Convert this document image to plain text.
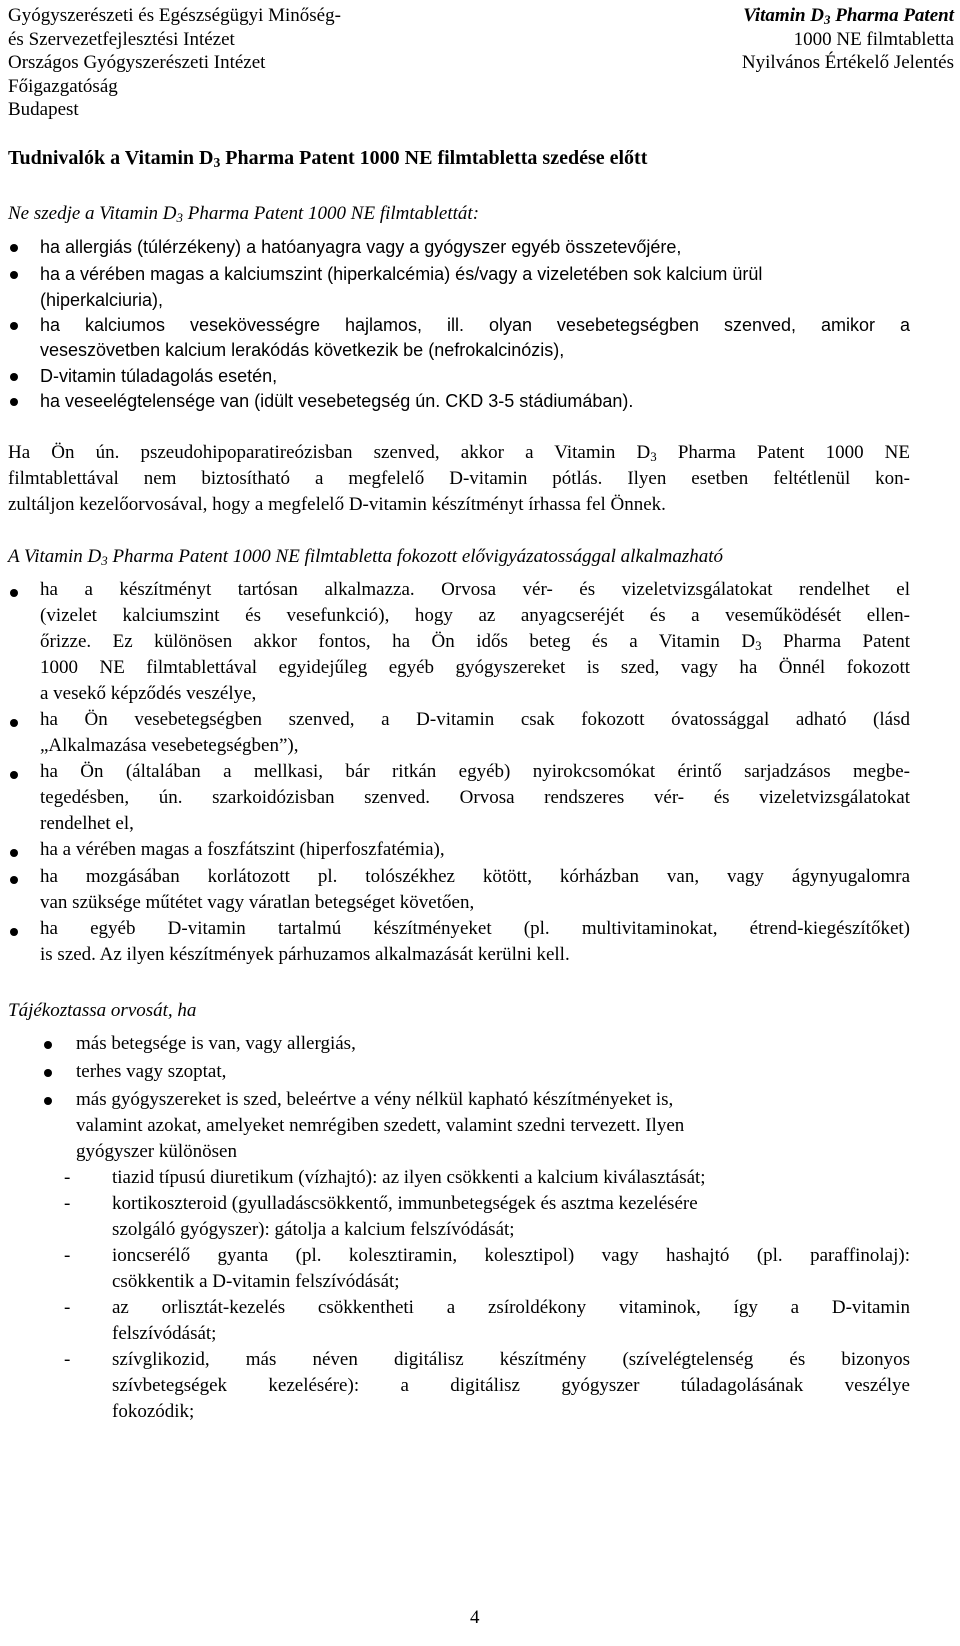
Gyógyszerészeti és Egészségügyi Minőség-
és Szervezetfejlesztési Intézet
Országos Gyógyszerészeti Intézet
Főigazgatóság
Budapest
Vitamin $D_3$ Pharma Patent
1000 NE filmtabletta
Nyilvános Értékelő Jelentés
Tudnivalók a Vitamin $D_3$ Pharma Patent 1000 NE filmtabletta szedése előtt
Ne szedje a Vitamin $D_3$ Pharma Patent 1000 NE filmtablettát:
ha allergiás (túlérzékeny) a hatóanyagra vagy a gyógyszer egyéb összetevőjére,
ha a vérében magas a kalciumszint (hiperkalcémia) és/vagy a vizeletében sok kalcium ürül
(hiperkalciuria),
ha kalciumos vesekövességre hajlamos, ill. olyan vesebetegségben szenved, amikor a
veseszövetben kalcium lerakódás következik be (nefrokalcinózis),
D-vitamin túladagolás esetén,
ha veseelégtelensége van (idült vesebetegség ún. CKD 3-5 stádiumában).
Ha Ön ún. pszeudohipoparatireózisban szenved, akkor a Vitamin $D_3$ Pharma Patent 1000 NE
filmtablettával nem biztosítható a megfelelő D-vitamin pótlás. Ilyen esetben feltétlenül kon-
zultáljon kezelőorvosával, hogy a megfelelő D-vitamin készítményt írhassa fel Önnek.
A Vitamin $D_3$ Pharma Patent 1000 NE filmtabletta fokozott elővigyázatossággal alkalmazható
ha a készítményt tartósan alkalmazza. Orvosa vér- és vizeletvizsgálatokat rendelhet el
(vizelet kalciumszint és vesefunkció), hogy az anyagcseréjét és a veseműködését ellen-
őrizze. Ez különösen akkor fontos, ha Ön idős beteg és a Vitamin $D_3$ Pharma Patent
1000 NE filmtablettával egyidejűleg egyéb gyógyszereket is szed, vagy ha Önnél fokozott
a vesekő képződés veszélye,
ha Ön vesebetegségben szenved, a D-vitamin csak fokozott óvatossággal adható (lásd
„Alkalmazása vesebetegségben”),
ha Ön (általában a mellkasi, bár ritkán egyéb) nyirokcsomókat érintő sarjadzásos megbe-
tegedésben, ún. szarkoidózisban szenved. Orvosa rendszeres vér- és vizeletvizsgálatokat
rendelhet el,
ha a vérében magas a foszfátszint (hiperfoszfatémia),
ha mozgásában korlátozott pl. tolószékhez kötött, kórházban van, vagy ágynyugalomra
van szüksége műtétet vagy váratlan betegséget követően,
ha egyéb D-vitamin tartalmú készítményeket (pl. multivitaminokat, étrend-kiegészítőket)
is szed. Az ilyen készítmények párhuzamos alkalmazását kerülni kell.
Tájékoztassa orvosát, ha
más betegsége is van, vagy allergiás,
terhes vagy szoptat,
más gyógyszereket is szed, beleértve a vény nélkül kapható készítményeket is,
valamint azokat, amelyeket nemrégiben szedett, valamint szedni tervezett. Ilyen
gyógyszer különösen
- tiazid típusú diuretikum (vízhajtó): az ilyen csökkenti a kalcium kiválasztását;
- kortikoszteroid (gyulladáscsökkentő, immunbetegségek és asztma kezelésére
szolgáló gyógyszer): gátolja a kalcium felszívódását;
- ioncserélő gyanta (pl. kolesztiramin, kolesztipol) vagy hashajtó (pl. paraffinolaj):
csökkentik a D-vitamin felszívódását;
- az orlisztát-kezelés csökkentheti a zsíroldékony vitaminok, így a D-vitamin
felszívódását;
- szívglikozid, más néven digitálisz készítmény (szívelégtelenség és bizonyos
szívbetegségek kezelésére): a digitálisz gyógyszer túladagolásának veszélye
fokozódik;
4
